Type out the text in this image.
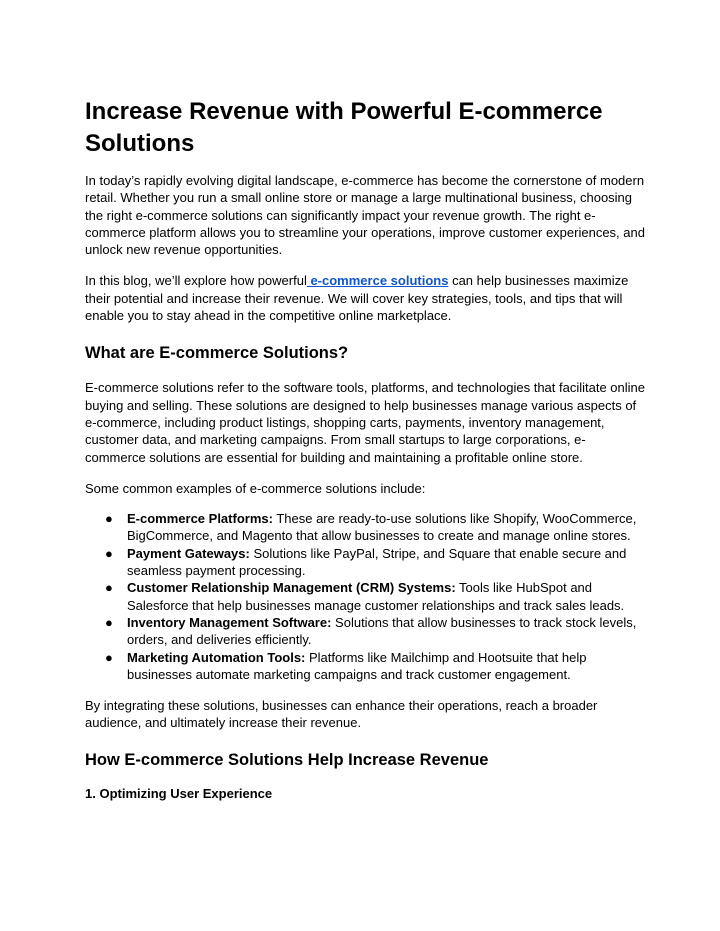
Increase Revenue with Powerful E-commerce Solutions

In today’s rapidly evolving digital landscape, e-commerce has become the cornerstone of modern retail. Whether you run a small online store or manage a large multinational business, choosing the right e-commerce solutions can significantly impact your revenue growth. The right e-commerce platform allows you to streamline your operations, improve customer experiences, and unlock new revenue opportunities.

In this blog, we’ll explore how powerful e-commerce solutions can help businesses maximize their potential and increase their revenue. We will cover key strategies, tools, and tips that will enable you to stay ahead in the competitive online marketplace.

What are E-commerce Solutions?

E-commerce solutions refer to the software tools, platforms, and technologies that facilitate online buying and selling. These solutions are designed to help businesses manage various aspects of e-commerce, including product listings, shopping carts, payments, inventory management, customer data, and marketing campaigns. From small startups to large corporations, e-commerce solutions are essential for building and maintaining a profitable online store.

Some common examples of e-commerce solutions include:

● E-commerce Platforms: These are ready-to-use solutions like Shopify, WooCommerce, BigCommerce, and Magento that allow businesses to create and manage online stores.
● Payment Gateways: Solutions like PayPal, Stripe, and Square that enable secure and seamless payment processing.
● Customer Relationship Management (CRM) Systems: Tools like HubSpot and Salesforce that help businesses manage customer relationships and track sales leads.
● Inventory Management Software: Solutions that allow businesses to track stock levels, orders, and deliveries efficiently.
● Marketing Automation Tools: Platforms like Mailchimp and Hootsuite that help businesses automate marketing campaigns and track customer engagement.

By integrating these solutions, businesses can enhance their operations, reach a broader audience, and ultimately increase their revenue.

How E-commerce Solutions Help Increase Revenue
1. Optimizing User Experience
